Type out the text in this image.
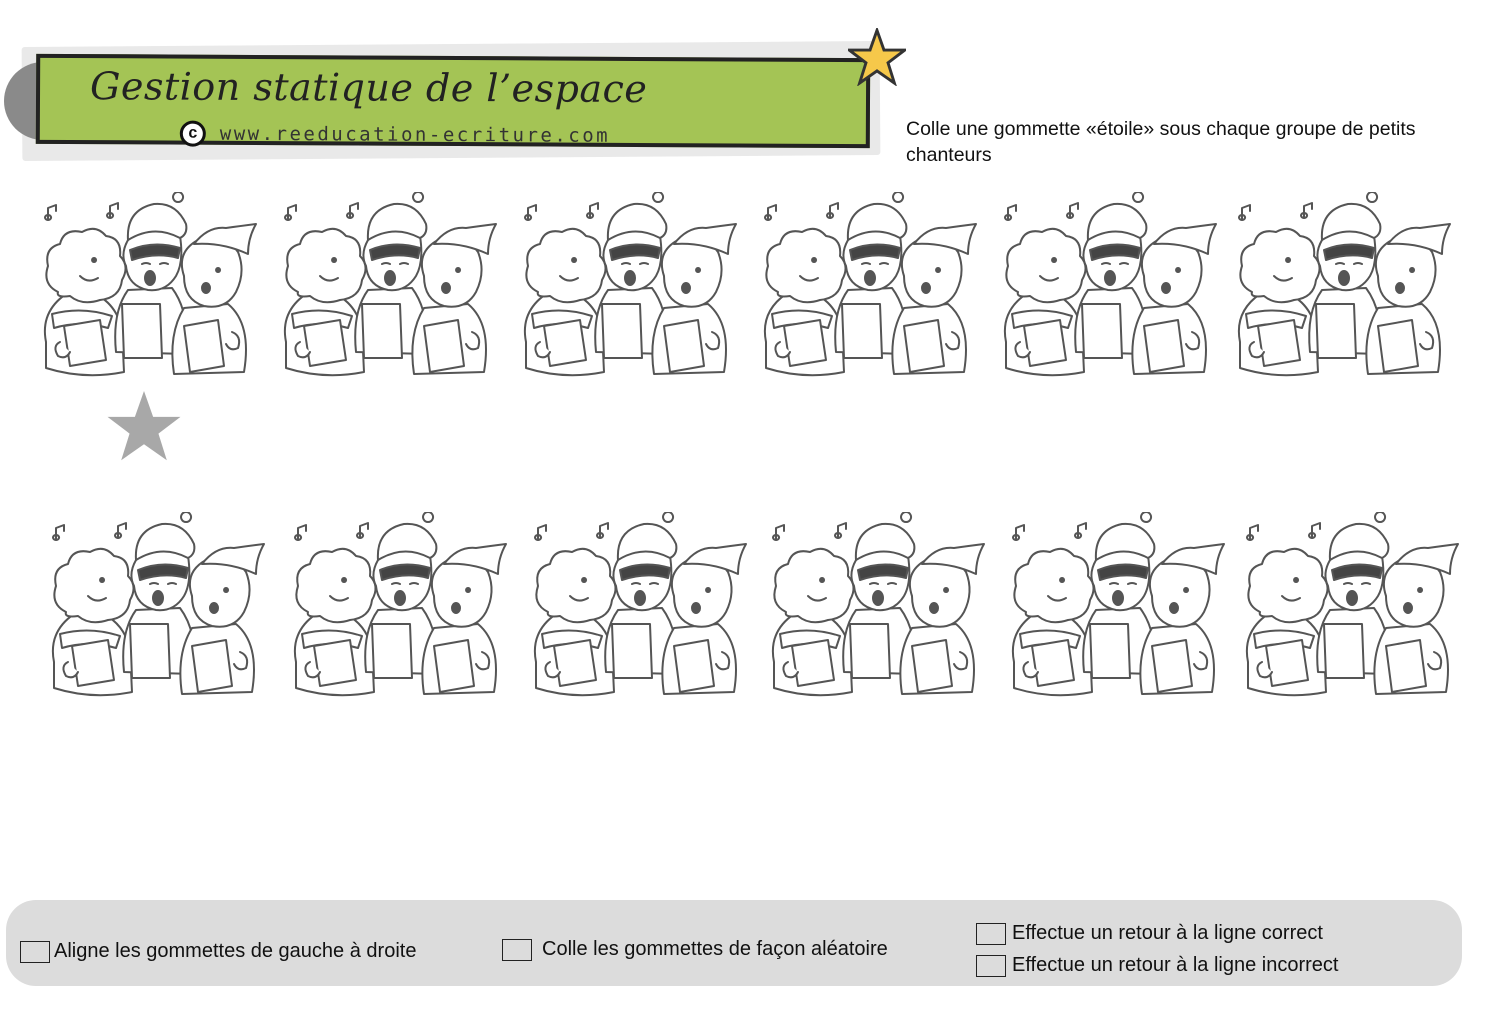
Gestion statique de l’espace
c	www.reeducation-ecriture.com	Colle une gommette «étoile» sous chaque groupe de petits chanteurs

Aligne les gommettes de gauche à droite	Colle les gommettes de façon aléatoire
Effectue un retour à la ligne correct
Effectue un retour à la ligne incorrect
